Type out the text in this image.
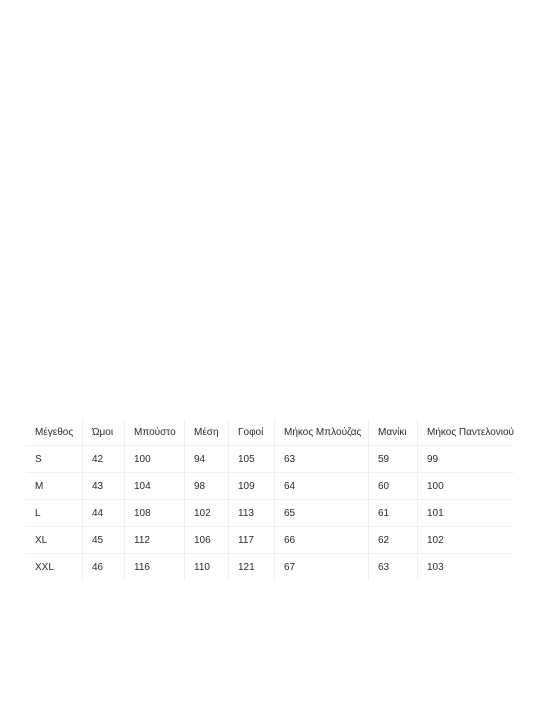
Μέγεθος	Ώμοι	Μπούστο	Μέση	Γοφοί	Μήκος Μπλούζας	Μανίκι	Μήκος Παντελονιού
S	42	100	94	105	63	59	99
M	43	104	98	109	64	60	100
L	44	108	102	113	65	61	101
XL	45	112	106	117	66	62	102
XXL	46	116	110	121	67	63	103
